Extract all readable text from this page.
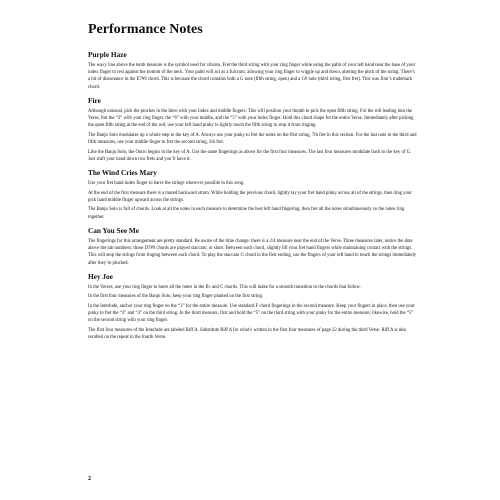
Performance Notes
Purple Haze

The wavy line above the tenth measure is the symbol used for vibrato. Fret the third string with your ring finger while using the palm of your left hand near the base of your index finger to rest against the bottom of the neck. Your palm will act as a fulcrum, allowing your ring finger to wiggle up and down, altering the pitch of the string. There’s a bit of dissonance in the E7#9 chord. This is because the chord contains both a G note (fifth string, open) and a G# note (third string, first fret). This was Jimi’s trademark chord.

Fire

Although unusual, pick the pinches in the Intro with your index and middle fingers. This will position your thumb to pick the open fifth string. For the roll leading into the Verse, fret the “3” with your ring finger, the “6” with your middle, and the “5” with your index finger. Hold this chord shape for the entire Verse. Immediately after picking the open fifth string at the end of the roll, use your left hand pinky to lightly touch the fifth string to stop it from ringing.

The Banjo Solo modulates up a whole step to the key of A. Always use your pinky to fret the notes on the first string, 7th fret in this section. For the last note in the third and fifth measures, use your middle finger to fret the second string, 5th fret.

Like the Banjo Solo, the Outro begins in the key of A. Use the same fingerings as above for the first four measures. The last four measures modulate back to the key of G. Just shift your hand down two frets and you’ll have it.

The Wind Cries Mary

Use your fret hand index finger to barre the strings wherever possible in this song.

At the end of the first measure there is a muted backward strum. While holding the previous chord, lightly lay your fret hand pinky across all of the strings, then drag your pick hand middle finger upward across the strings.

The Banjo Solo is full of chords. Look at all the notes in each measure to determine the best left hand fingering, then fret all the notes simultaneously so the notes ring together.

Can You See Me

The fingerings for this arrangement are pretty standard. Be aware of the time change: there is a 2/4 measure near the end of the Verse. Three measures later, notice the dots above the tab numbers: those D7#9 chords are played staccato, or short. Between each chord, slightly lift your fret hand fingers while maintaining contact with the strings. This will stop the strings from ringing between each chord. To play the staccato G chord in the first ending, use the fingers of your left hand to touch the strings immediately after they’re plucked.

Hey Joe

In the Verses, use your ring finger to barre all the notes in the B♭ and C chords. This will make for a smooth transition to the chords that follow.

In the first four measures of the Banjo Solo, keep your ring finger planted on the first string.

In the Interlude, anchor your ring finger on the “3” for the entire measure. Use standard F chord fingerings in the second measure. Keep your fingers in place, then use your pinky to fret the “3” and “4” on the third string. In the third measure, first and hold the “5” on the third string with your pinky for the entire measure; likewise, hold the “5” on the second string with your ring finger.

The first four measures of the Interlude are labeled Riff A. Substitute Riff A for what’s written in the first four measures of page 22 during the third Verse. Riff A is also recalled on the repeat in the fourth Verse.

2
